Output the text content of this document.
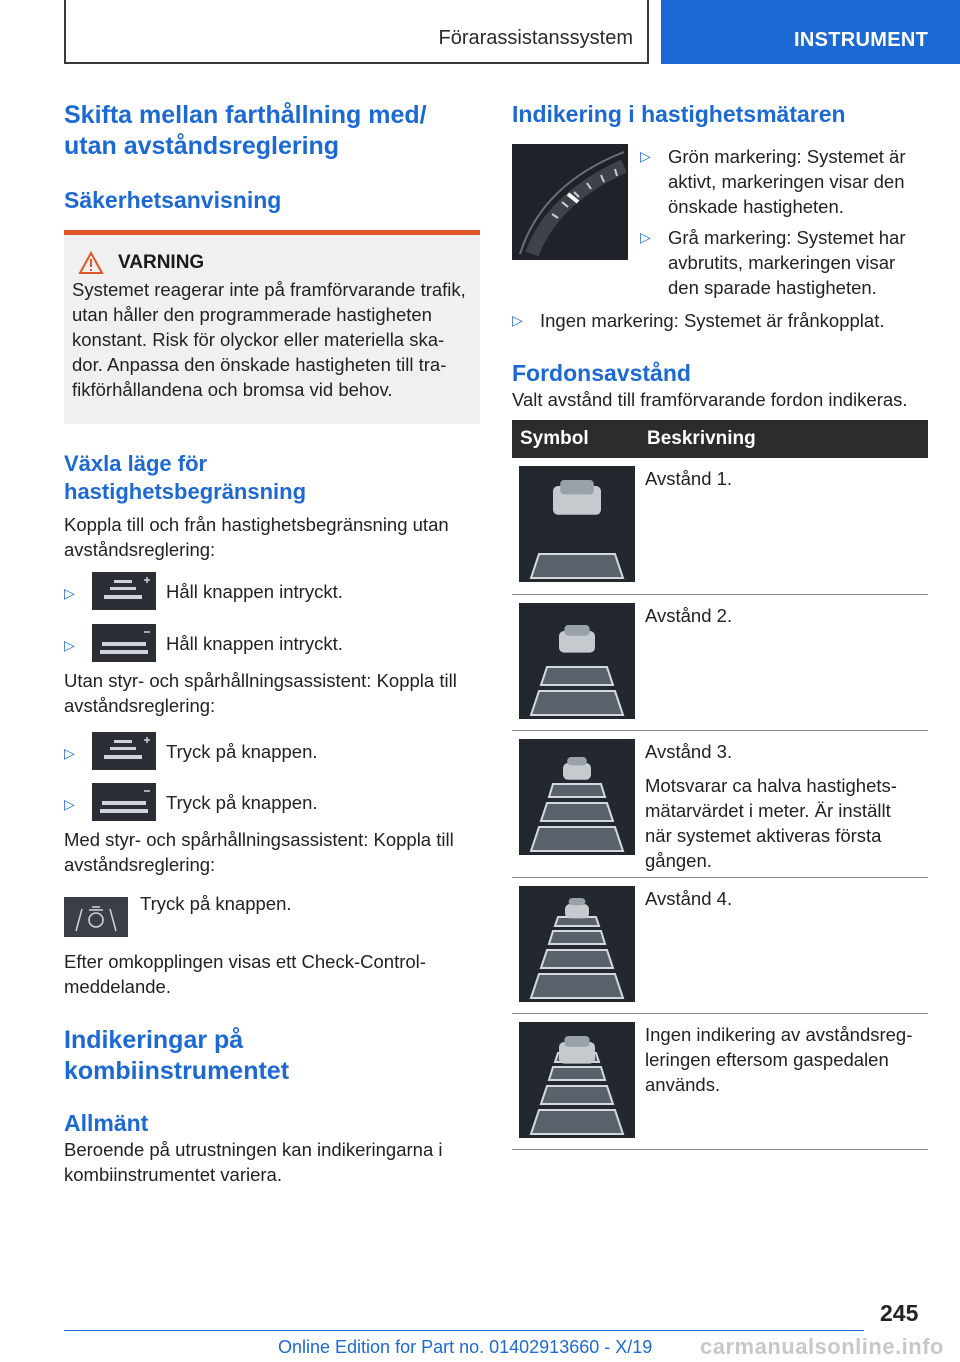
Förarassistanssystem	INSTRUMENT
Skifta mellan farthållning med/
utan avståndsreglering
Säkerhetsanvisning
VARNING
Systemet reagerar inte på framförvarande trafik,
utan håller den programmerade hastigheten
konstant. Risk för olyckor eller materiella ska-
dor. Anpassa den önskade hastigheten till tra-
fikförhållandena och bromsa vid behov.
Växla läge för
hastighetsbegränsning
Koppla till och från hastighetsbegränsning utan
avståndsreglering:
▷	Håll knappen intryckt.
▷	Håll knappen intryckt.
Utan styr- och spårhållningsassistent: Koppla till
avståndsreglering:
▷	Tryck på knappen.
▷	Tryck på knappen.
Med styr- och spårhållningsassistent: Koppla till
avståndsreglering:
Tryck på knappen.
Efter omkopplingen visas ett Check-Control-
meddelande.
Indikeringar på
kombiinstrumentet
Allmänt
Beroende på utrustningen kan indikeringarna i
kombiinstrumentet variera.
Indikering i hastighetsmätaren
▷ Grön markering: Systemet är
aktivt, markeringen visar den
önskade hastigheten.
▷ Grå markering: Systemet har
avbrutits, markeringen visar
den sparade hastigheten.
▷ Ingen markering: Systemet är frånkopplat.
Fordonsavstånd
Valt avstånd till framförvarande fordon indikeras.
Symbol	Beskrivning

Avstånd 1.

Avstånd 2.

Avstånd 3.
Motsvarar ca halva hastighets-
mätarvärdet i meter. Är inställt
när systemet aktiveras första
gången.

Avstånd 4.

Ingen indikering av avståndsreg-
leringen eftersom gaspedalen
används.
245
Online Edition for Part no. 01402913660 - X/19 carmanualsonline.info
